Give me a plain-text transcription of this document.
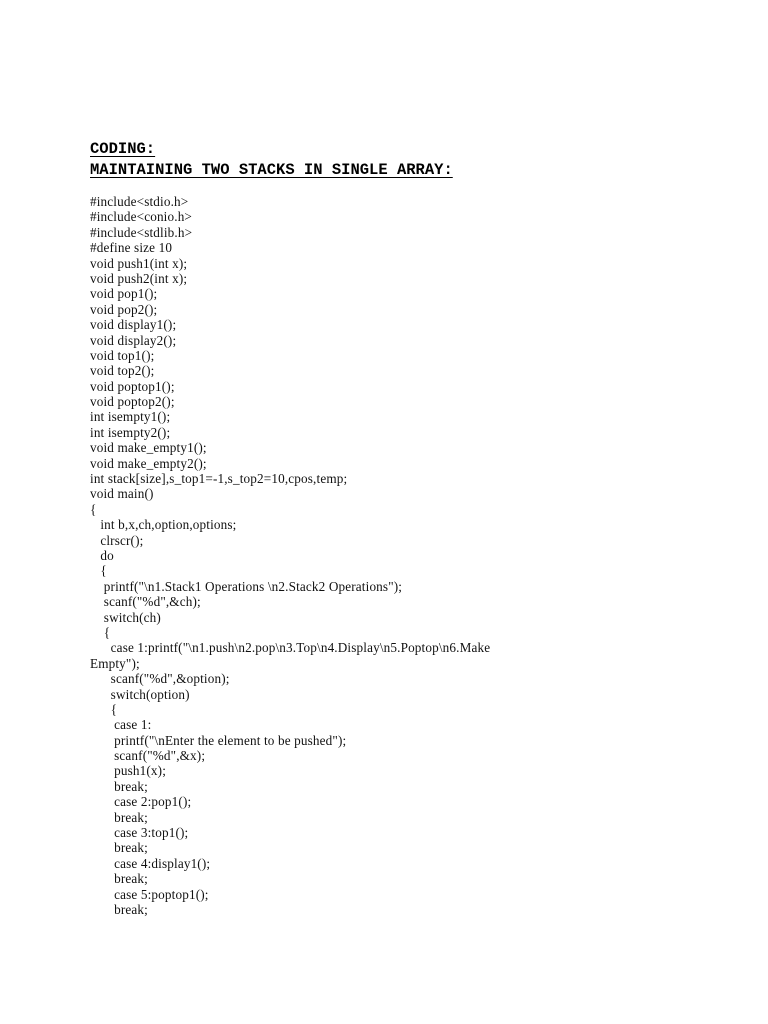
CODING:
MAINTAINING TWO STACKS IN SINGLE ARRAY:
#include<stdio.h>
#include<conio.h>
#include<stdlib.h>
#define size 10
void push1(int x);
void push2(int x);
void pop1();
void pop2();
void display1();
void display2();
void top1();
void top2();
void poptop1();
void poptop2();
int isempty1();
int isempty2();
void make_empty1();
void make_empty2();
int stack[size],s_top1=-1,s_top2=10,cpos,temp;
void main()
{
int b,x,ch,option,options;
clrscr();
do
{
printf("\n1.Stack1 Operations \n2.Stack2 Operations");
scanf("%d",&ch);
switch(ch)
{
case 1:printf("\n1.push\n2.pop\n3.Top\n4.Display\n5.Poptop\n6.Make
Empty");
scanf("%d",&option);
switch(option)
{
case 1:
printf("\nEnter the element to be pushed");
scanf("%d",&x);
push1(x);
break;
case 2:pop1();
break;
case 3:top1();
break;
case 4:display1();
break;
case 5:poptop1();
break;
